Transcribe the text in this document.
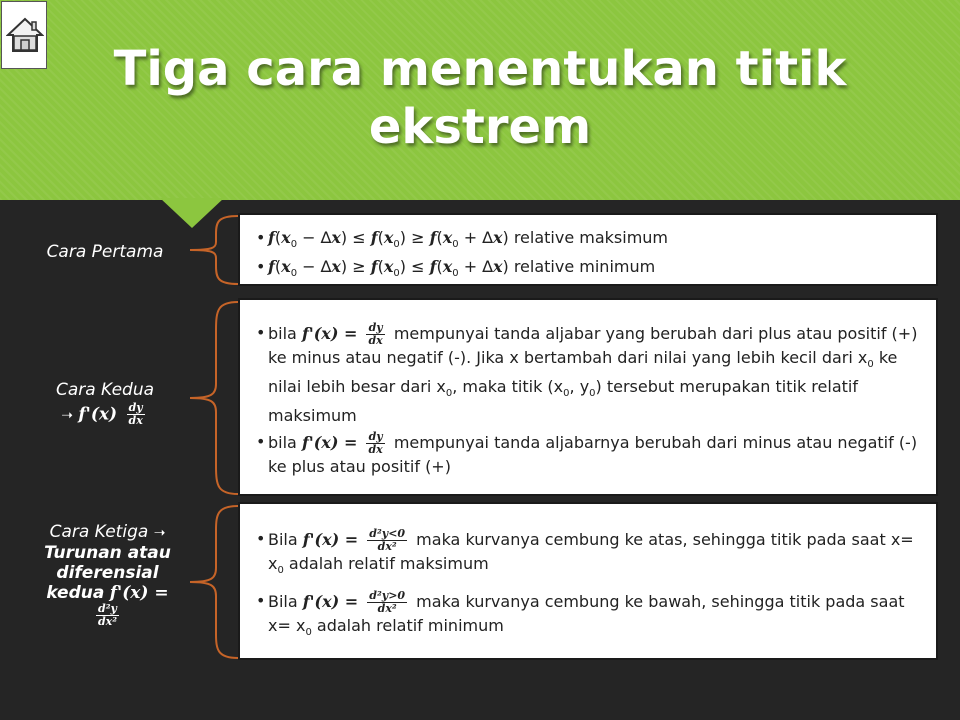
Tiga cara menentukan titik
ekstrem
Cara Pertama
• $f(x_0 - \Delta x) \le f(x_0) \ge f(x_0 + \Delta x)$ relative maksimum
• $f(x_0 - \Delta x) \ge f(x_0) \le f(x_0 + \Delta x)$ relative minimum
Cara Kedua
➝ $f'(x) \frac{dy}{dx}$
• bila $f'(x) = \frac{dy}{dx}$ mempunyai tanda aljabar yang berubah dari plus atau positif (+) ke minus atau negatif (-). Jika x bertambah dari nilai yang lebih kecil dari $x_0$ ke nilai lebih besar dari $x_0$, maka titik ($x_0$, $y_0$) tersebut merupakan titik relatif maksimum
• bila $f'(x) = \frac{dy}{dx}$ mempunyai tanda aljabarnya berubah dari minus atau negatif (-) ke plus atau positif (+)
Cara Ketiga ➝
Turunan atau
diferensial
kedua f'(x) =
$\frac{\text{d²y}}{\text{dx²}}$
• Bila $f'(x) = \frac{\text{d²y<0}}{\text{dx²}}$ maka kurvanya cembung ke atas, sehingga titik pada saat $x= x_0$ adalah relatif maksimum
• Bila $f'(x) = \frac{\text{d²y>0}}{\text{dx²}}$ maka kurvanya cembung ke bawah, sehingga titik pada saat $x= x_0$ adalah relatif minimum
